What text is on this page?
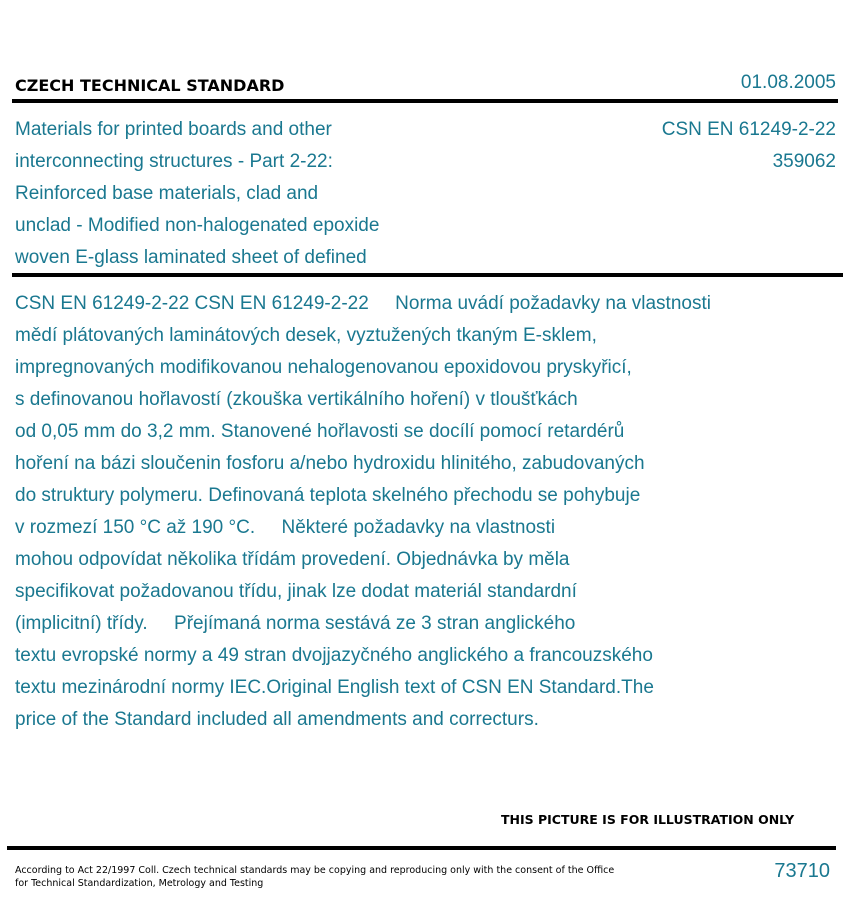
CZECH TECHNICAL STANDARD	01.08.2005
Materials for printed boards and other
interconnecting structures - Part 2-22:
Reinforced base materials, clad and
unclad - Modified non-halogenated epoxide
woven E-glass laminated sheet of defined
CSN EN 61249-2-22
359062
CSN EN 61249-2-22 CSN EN 61249-2-22     Norma uvádí požadavky na vlastnosti
mědí plátovaných laminátových desek, vyztužených tkaným E-sklem,
impregnovaných modifikovanou nehalogenovanou epoxidovou pryskyřicí,
s definovanou hořlavostí (zkouška vertikálního hoření) v tloušťkách
od 0,05 mm do 3,2 mm. Stanovené hořlavosti se docílí pomocí retardérů
hoření na bázi sloučenin fosforu a/nebo hydroxidu hlinitého, zabudovaných
do struktury polymeru. Definovaná teplota skelného přechodu se pohybuje
v rozmezí 150 °C až 190 °C.     Některé požadavky na vlastnosti
mohou odpovídat několika třídám provedení. Objednávka by měla
specifikovat požadovanou třídu, jinak lze dodat materiál standardní
(implicitní) třídy.     Přejímaná norma sestává ze 3 stran anglického
textu evropské normy a 49 stran dvojjazyčného anglického a francouzského
textu mezinárodní normy IEC.Original English text of CSN EN Standard.The
price of the Standard included all amendments and correcturs.
THIS PICTURE IS FOR ILLUSTRATION ONLY
According to Act 22/1997 Coll. Czech technical standards may be copying and reproducing only with the consent of the Office
for Technical Standardization, Metrology and Testing
73710
